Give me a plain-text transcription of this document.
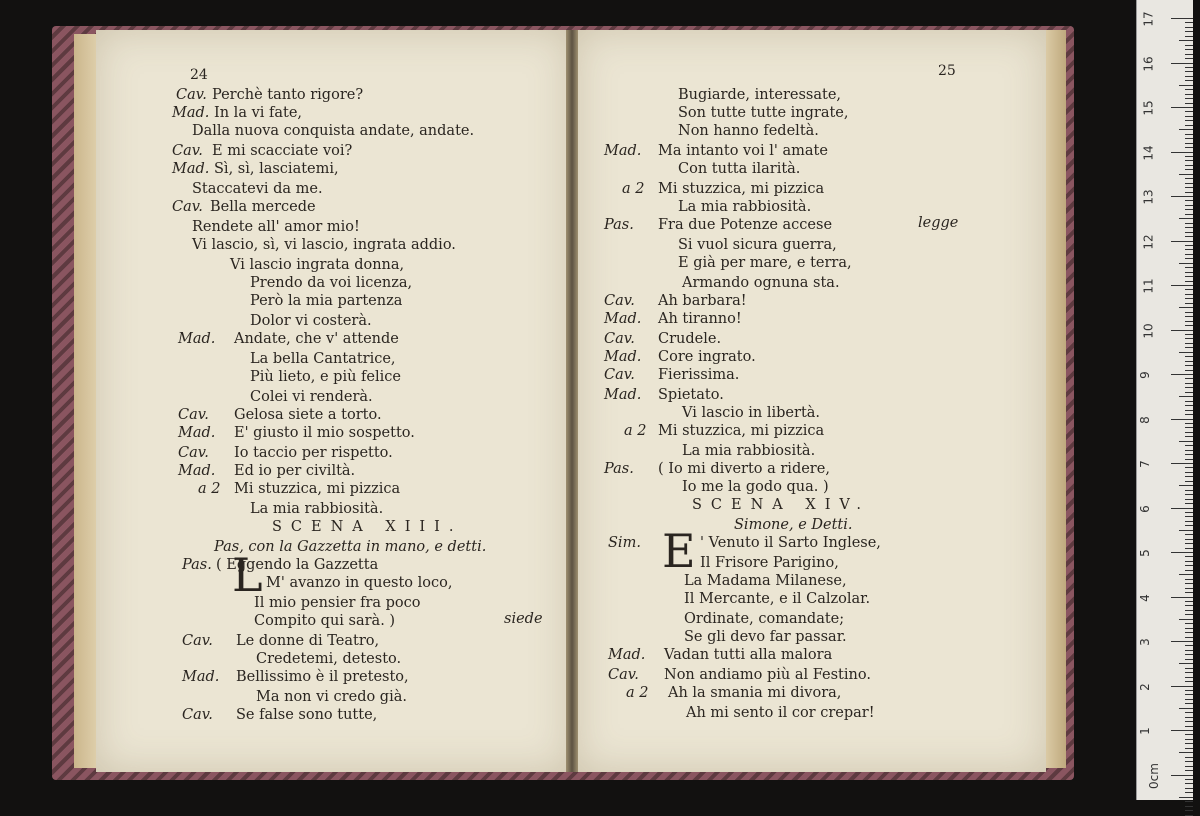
Cav. Perchè tanto rigore?
Mad. In la vi fate,
Dalla nuova conquista andate, andate.
Cav. E mi scacciate voi?
Mad. Sì, sì, lasciatemi,
Staccatevi da me.
Cav. Bella mercede
Rendete all' amor mio!
Vi lascio, sì, vi lascio, ingrata addio.
Vi lascio ingrata donna,
Prendo da voi licenza,
Però la mia partenza
Dolor vi costerà.
Mad. Andate, che v' attende
La bella Cantatrice,
Più lieto, e più felice
Colei vi renderà.
Cav. Gelosa siete a torto.
Mad. E' giusto il mio sospetto.
Cav. Io taccio per rispetto.
Mad. Ed io per civiltà.
a 2 Mi stuzzica, mi pizzica
La mia rabbiosità.
SCENA XIII.
Pas, con la Gazzetta in mano, e detti.
Pas. ( Eggendo la Gazzetta
M' avanzo in questo loco,
Il mio pensier fra poco
Compito qui sarà. )
Cav. Le donne di Teatro,
Credetemi, detesto.
Mad. Bellissimo è il pretesto,
Ma non vi credo già.
Cav. Se false sono tutte,
Bugiarde, interessate,
Son tutte tutte ingrate,
Non hanno fedeltà.
Mad. Ma intanto voi l' amate
Con tutta ilarità.
a 2 Mi stuzzica, mi pizzica
La mia rabbiosità.
Pas. Fra due Potenze accese
Si vuol sicura guerra,
E già per mare, e terra,
Armando ognuna sta.
Cav. Ah barbara!
Mad. Ah tiranno!
Cav. Crudele.
Mad. Core ingrato.
Cav. Fierissima.
Mad. Spietato.
Vi lascio in libertà.
a 2 Mi stuzzica, mi pizzica
La mia rabbiosità.
Pas. ( Io mi diverto a ridere,
Io me la godo qua. )
SCENA XIV.
Simone, e Detti.
Sim.	' Venuto il Sarto Inglese,
Il Frisore Parigino,
La Madama Milanese,
Il Mercante, e il Calzolar.
Ordinate, comandate;
Se gli devo far passar.
Mad. Vadan tutti alla malora
Cav. Non andiamo più al Festino.
a 2 Ah la smania mi divora,
Ah mi sento il cor crepar!
24	25
siede
legge
L	E
17
16
15
14
13
12
11
10
9
8
7
6
5
4
3
2
1
0cm
